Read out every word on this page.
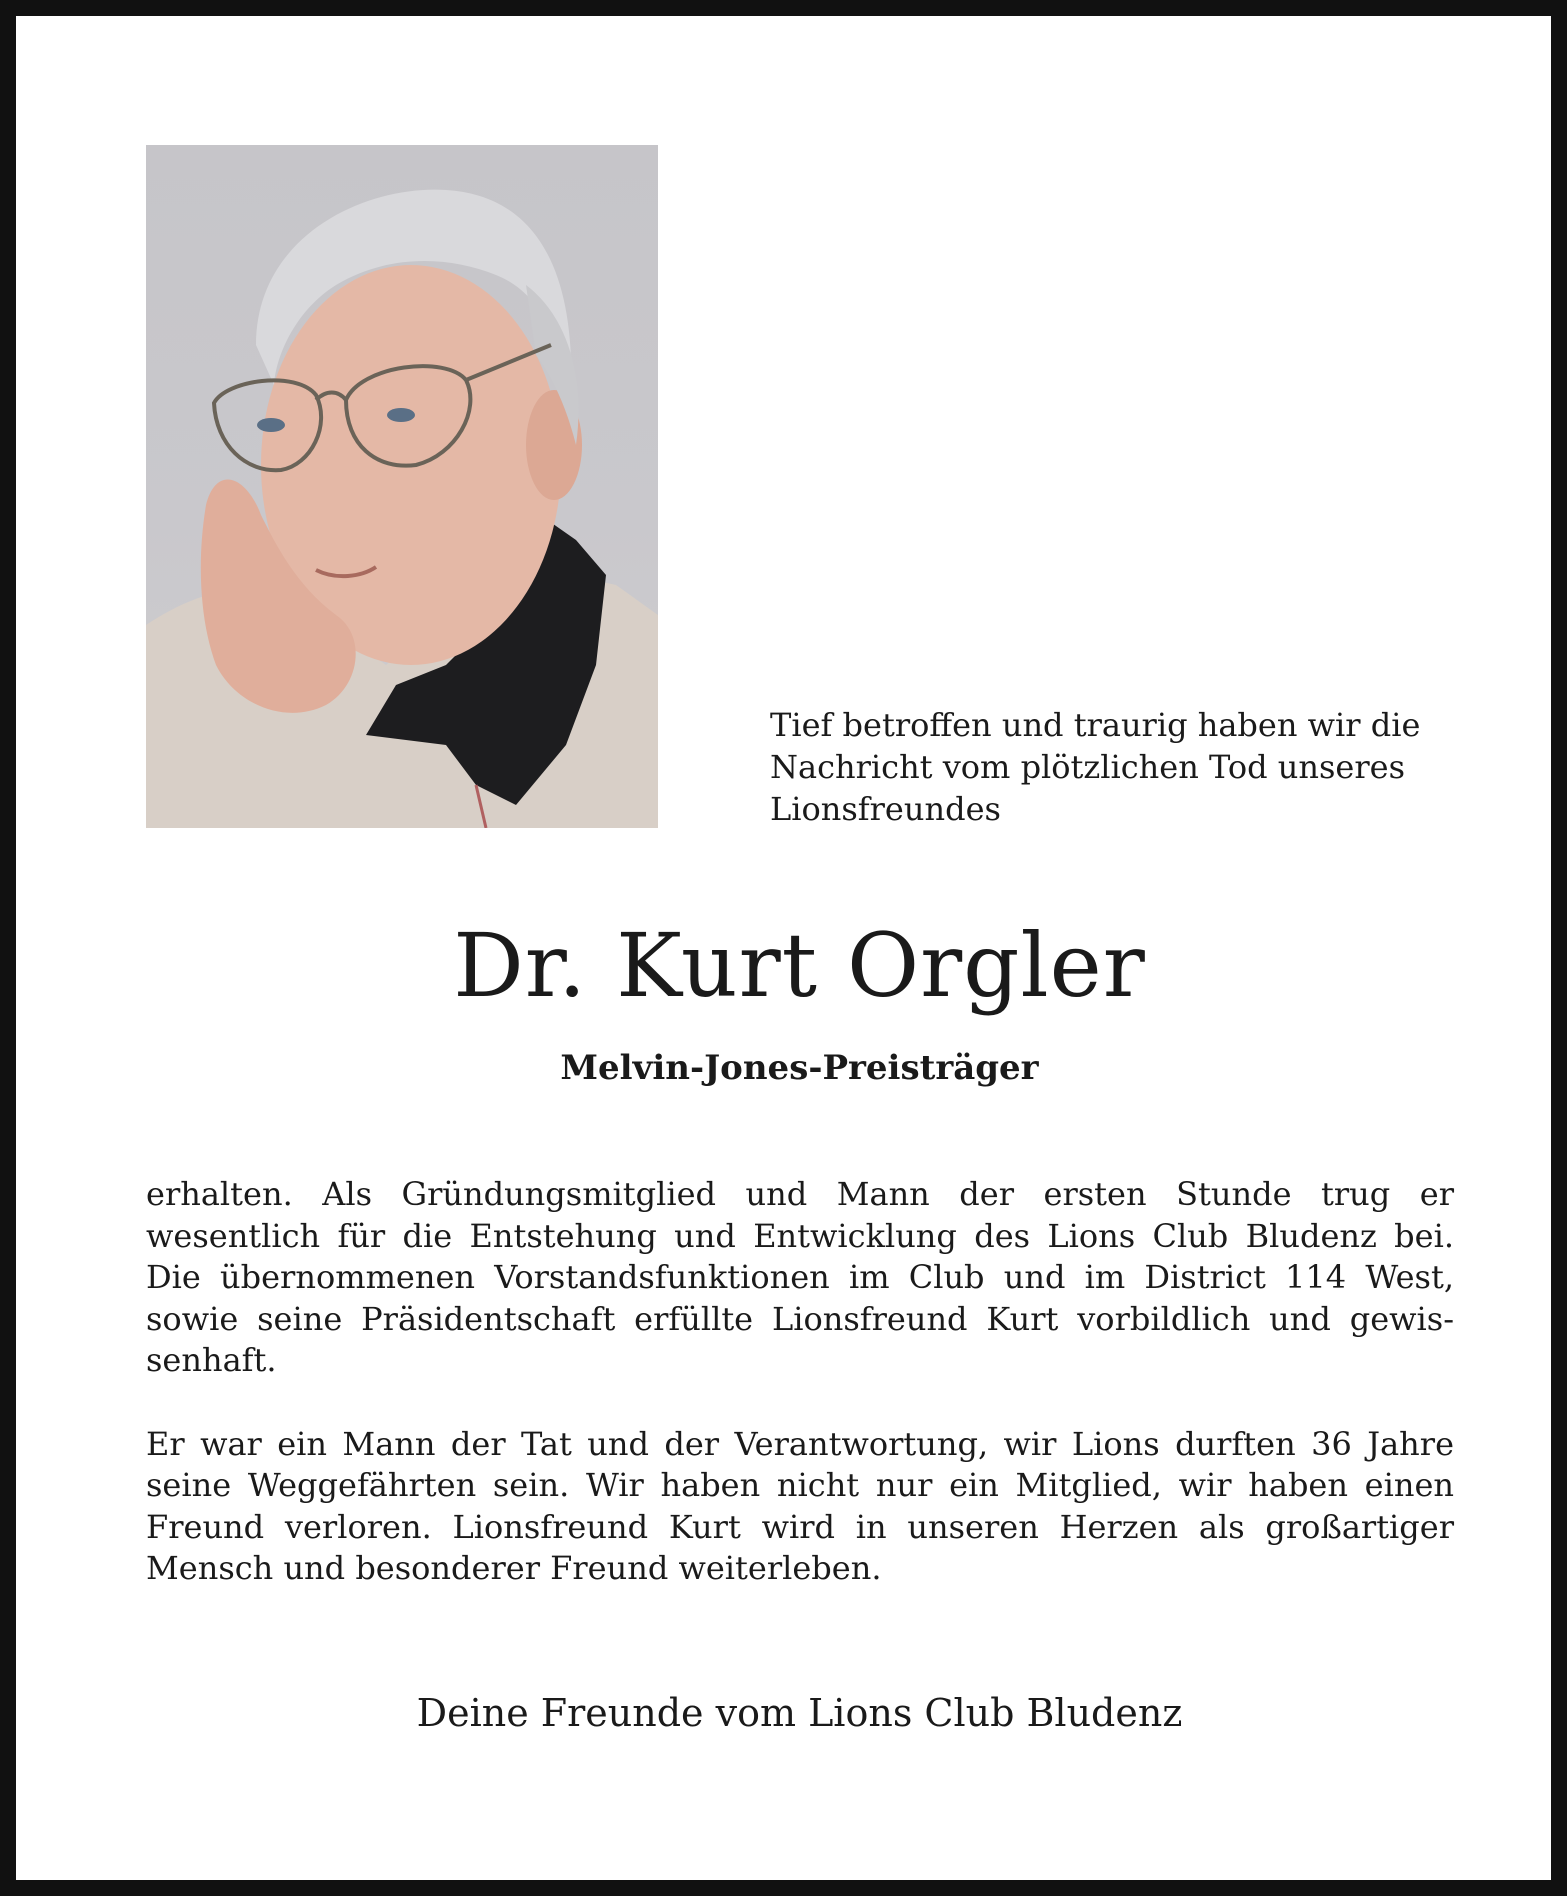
Tief betroffen und traurig haben wir die
Nachricht vom plötzlichen Tod unseres
Lionsfreundes
Dr. Kurt Orgler
Melvin-Jones-Preisträger
erhalten. Als Gründungsmitglied und Mann der ersten Stunde trug er
wesentlich für die Entstehung und Entwicklung des Lions Club Bludenz bei.
Die übernommenen Vorstandsfunktionen im Club und im District 114 West,
sowie seine Präsidentschaft erfüllte Lionsfreund Kurt vorbildlich und gewis-
senhaft.
Er war ein Mann der Tat und der Verantwortung, wir Lions durften 36 Jahre
seine Weggefährten sein. Wir haben nicht nur ein Mitglied, wir haben einen
Freund verloren. Lionsfreund Kurt wird in unseren Herzen als großartiger
Mensch und besonderer Freund weiterleben.
Deine Freunde vom Lions Club Bludenz
